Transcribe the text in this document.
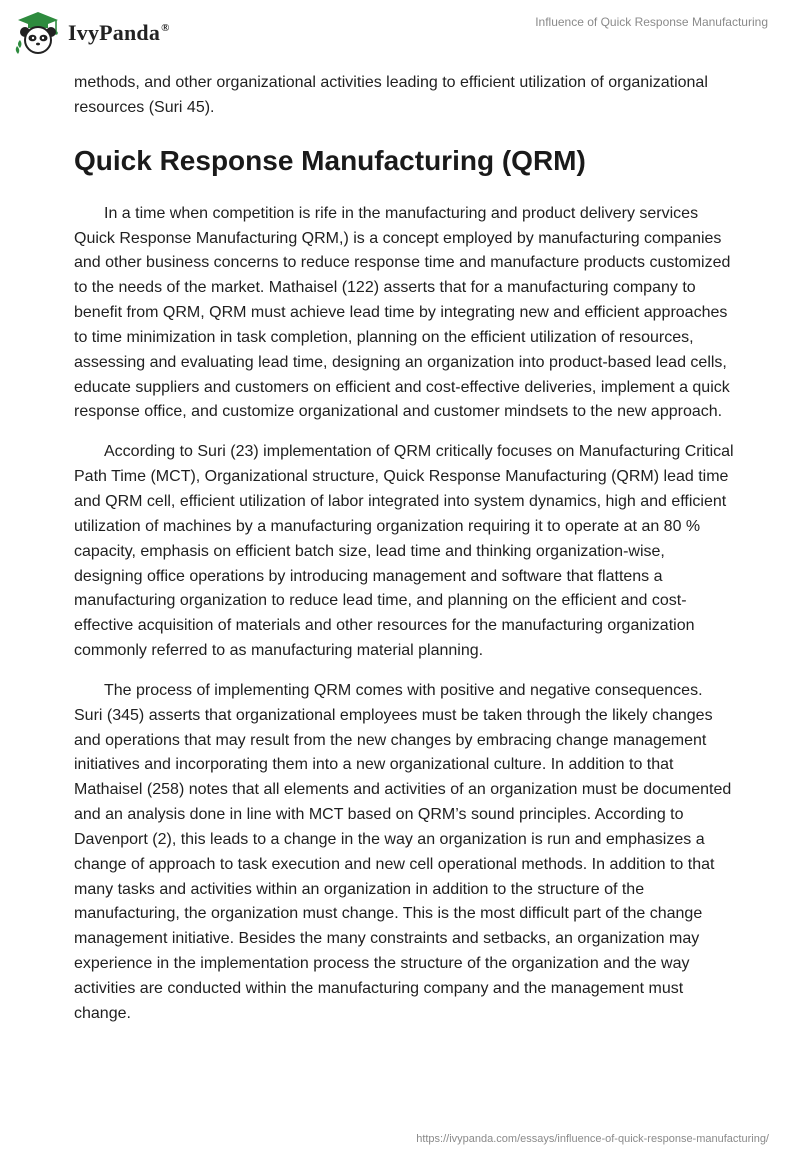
IvyPanda®	Influence of Quick Response Manufacturing

methods, and other organizational activities leading to efficient utilization of organizational resources (Suri 45).

Quick Response Manufacturing (QRM)

In a time when competition is rife in the manufacturing and product delivery services Quick Response Manufacturing QRM,) is a concept employed by manufacturing companies and other business concerns to reduce response time and manufacture products customized to the needs of the market. Mathaisel (122) asserts that for a manufacturing company to benefit from QRM, QRM must achieve lead time by integrating new and efficient approaches to time minimization in task completion, planning on the efficient utilization of resources, assessing and evaluating lead time, designing an organization into product-based lead cells, educate suppliers and customers on efficient and cost-effective deliveries, implement a quick response office, and customize organizational and customer mindsets to the new approach.

According to Suri (23) implementation of QRM critically focuses on Manufacturing Critical Path Time (MCT), Organizational structure, Quick Response Manufacturing (QRM) lead time and QRM cell, efficient utilization of labor integrated into system dynamics, high and efficient utilization of machines by a manufacturing organization requiring it to operate at an 80 % capacity, emphasis on efficient batch size, lead time and thinking organization-wise, designing office operations by introducing management and software that flattens a manufacturing organization to reduce lead time, and planning on the efficient and cost-effective acquisition of materials and other resources for the manufacturing organization commonly referred to as manufacturing material planning.

The process of implementing QRM comes with positive and negative consequences. Suri (345) asserts that organizational employees must be taken through the likely changes and operations that may result from the new changes by embracing change management initiatives and incorporating them into a new organizational culture. In addition to that Mathaisel (258) notes that all elements and activities of an organization must be documented and an analysis done in line with MCT based on QRM’s sound principles. According to Davenport (2), this leads to a change in the way an organization is run and emphasizes a change of approach to task execution and new cell operational methods. In addition to that many tasks and activities within an organization in addition to the structure of the manufacturing, the organization must change. This is the most difficult part of the change management initiative. Besides the many constraints and setbacks, an organization may experience in the implementation process the structure of the organization and the way activities are conducted within the manufacturing company and the management must change.

https://ivypanda.com/essays/influence-of-quick-response-manufacturing/
